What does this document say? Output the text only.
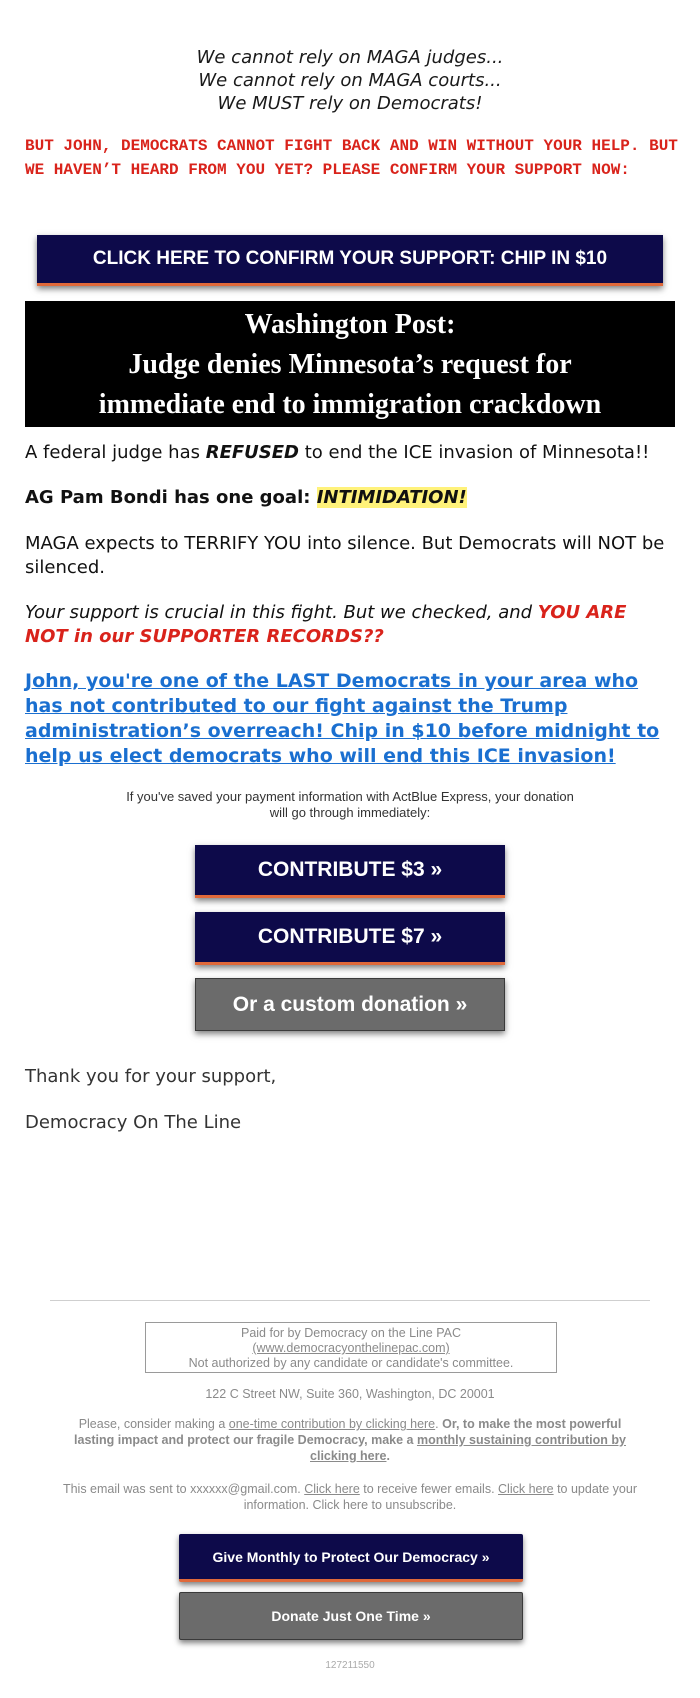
We cannot rely on MAGA judges...
We cannot rely on MAGA courts...
We MUST rely on Democrats!
BUT JOHN, DEMOCRATS CANNOT FIGHT BACK AND WIN WITHOUT YOUR HELP. BUT WE HAVEN’T HEARD FROM YOU YET? PLEASE CONFIRM YOUR SUPPORT NOW:
CLICK HERE TO CONFIRM YOUR SUPPORT: CHIP IN $10
Washington Post:
Judge denies Minnesota’s request for
immediate end to immigration crackdown
A federal judge has REFUSED to end the ICE invasion of Minnesota!!
AG Pam Bondi has one goal: INTIMIDATION!
MAGA expects to TERRIFY YOU into silence. But Democrats will NOT be silenced.
Your support is crucial in this fight. But we checked, and YOU ARE NOT in our SUPPORTER RECORDS??
John, you're one of the LAST Democrats in your area who has not contributed to our fight against the Trump administration’s overreach! Chip in $10 before midnight to help us elect democrats who will end this ICE invasion!
If you've saved your payment information with ActBlue Express, your donation
will go through immediately:
CONTRIBUTE $3 »
CONTRIBUTE $7 »
Or a custom donation »
Thank you for your support,
Democracy On The Line
Paid for by Democracy on the Line PAC
(www.democracyonthelinepac.com)
Not authorized by any candidate or candidate's committee.
122 C Street NW, Suite 360, Washington, DC 20001
Please, consider making a one-time contribution by clicking here. Or, to make the most powerful lasting impact and protect our fragile Democracy, make a monthly sustaining contribution by clicking here.
This email was sent to xxxxxx@gmail.com. Click here to receive fewer emails. Click here to update your information. Click here to unsubscribe.
Give Monthly to Protect Our Democracy »
Donate Just One Time »
127211550
